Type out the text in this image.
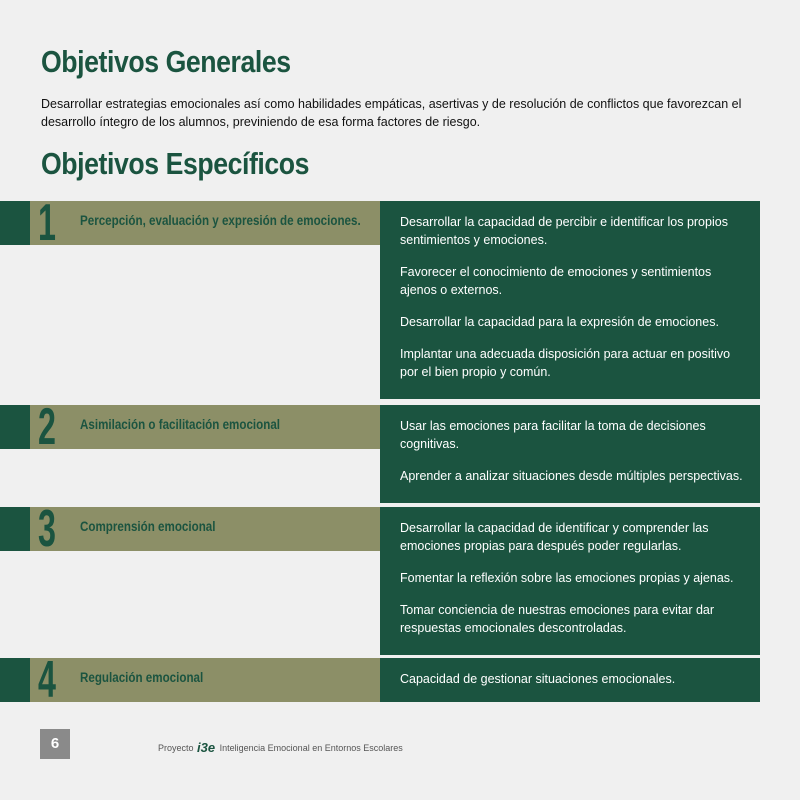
Objetivos Generales

Desarrollar estrategias emocionales así como habilidades empáticas, asertivas y de resolución de conflictos que favorezcan el desarrollo íntegro de los alumnos, previniendo de esa forma factores de riesgo.

Objetivos Específicos
1 Percepción, evaluación y expresión de emociones.	Desarrollar la capacidad de percibir e identificar los propios sentimientos y emociones.

Favorecer el conocimiento de emociones y sentimientos ajenos o externos.

Desarrollar la capacidad para la expresión de emociones.

Implantar una adecuada disposición para actuar en positivo por el bien propio y común.

2 Asimilación o facilitación emocional	Usar las emociones para facilitar la toma de decisiones cognitivas.

Aprender a analizar situaciones desde múltiples perspectivas.

3 Comprensión emocional	Desarrollar la capacidad de identificar y comprender las emociones propias para después poder regularlas.

Fomentar la reflexión sobre las emociones propias y ajenas.

Tomar conciencia de nuestras emociones para evitar dar respuestas emocionales descontroladas.

4 Regulación emocional	Capacidad de gestionar situaciones emocionales.

6	Proyecto i3e Inteligencia Emocional en Entornos Escolares
